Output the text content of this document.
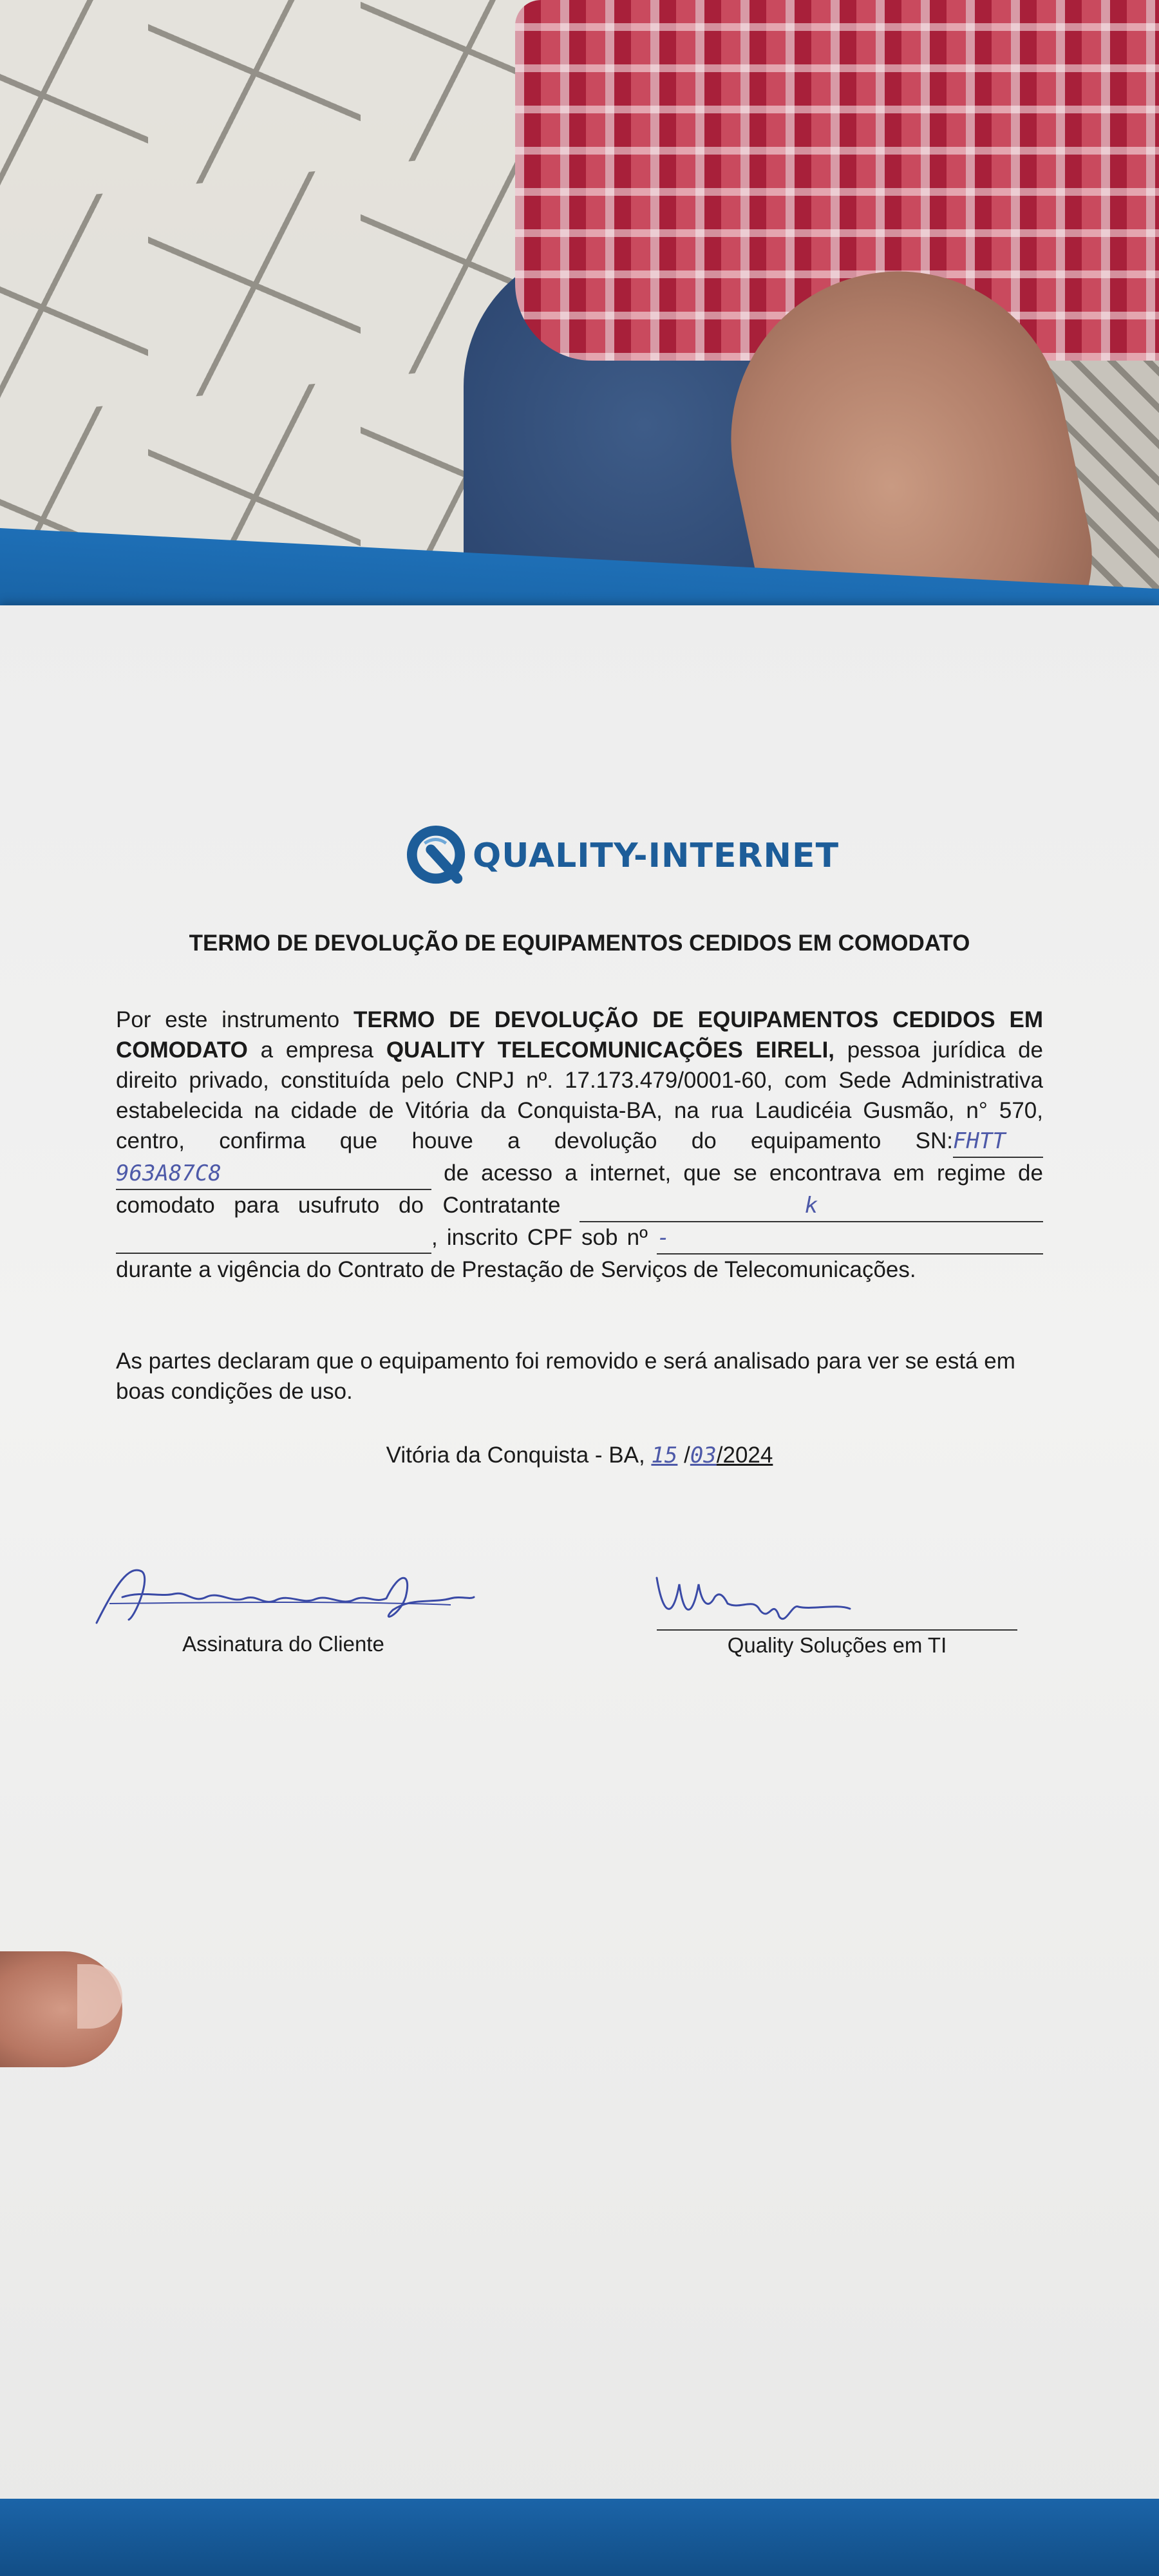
QUALITY-INTERNET
TERMO DE DEVOLUÇÃO DE EQUIPAMENTOS CEDIDOS EM COMODATO
Por este instrumento TERMO DE DEVOLUÇÃO DE EQUIPAMENTOS CEDIDOS EM COMODATO a empresa QUALITY TELECOMUNICAÇÕES EIRELI, pessoa jurídica de direito privado, constituída pelo CNPJ nº. 17.173.479/0001-60, com Sede Administrativa estabelecida na cidade de Vitória da Conquista-BA, na rua Laudicéia Gusmão, n° 570, centro, confirma que houve a devolução do equipamento SN:FHTT 963A87C8	de acesso a internet, que se encontrava em regime de comodato para usufruto do Contratante	k , inscrito CPF sob nº - durante a vigência do Contrato de Prestação de Serviços de Telecomunicações.
As partes declaram que o equipamento foi removido e será analisado para ver se está em boas condições de uso.
Vitória da Conquista - BA, 15 /03/2024
Assinatura do Cliente	Quality Soluções em TI
